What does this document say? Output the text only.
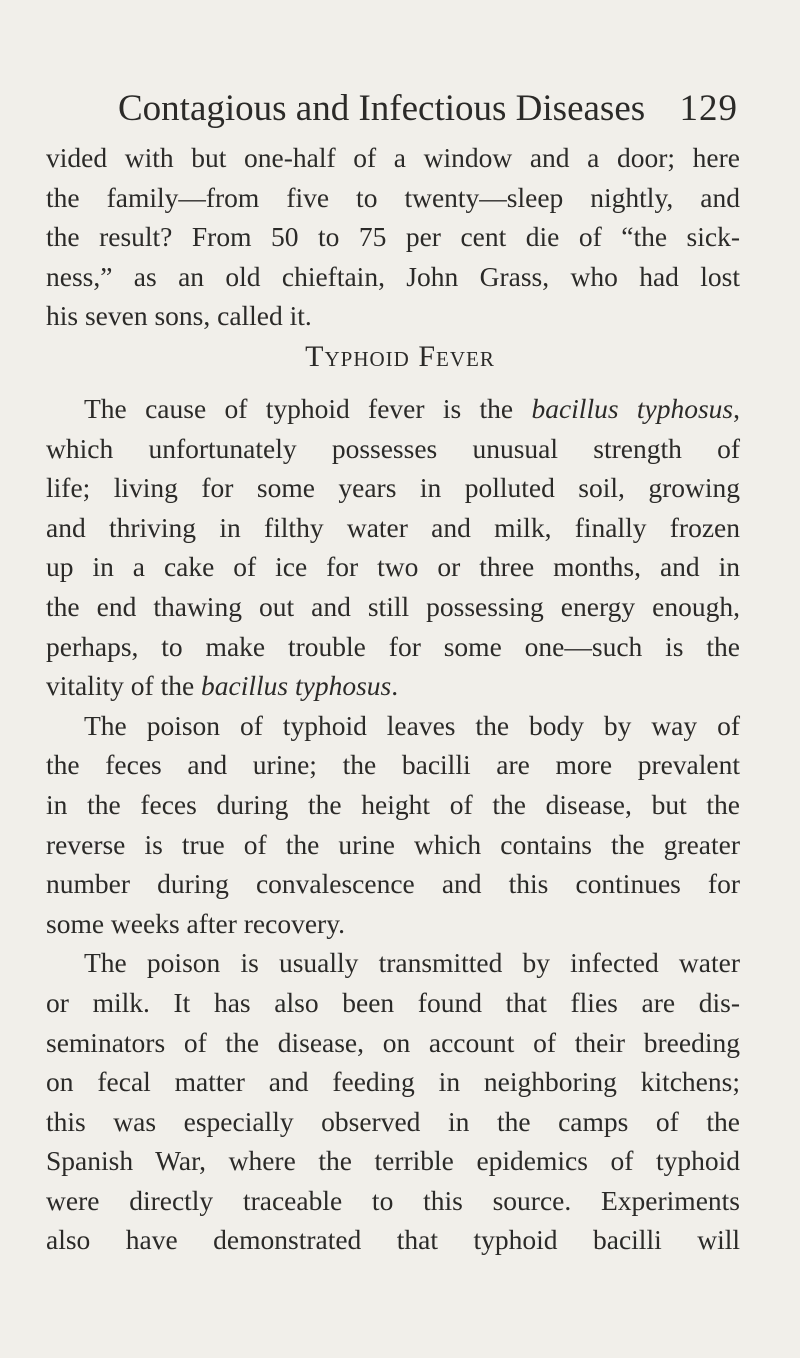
Contagious and Infectious Diseases 129
vided with but one-half of a window and a door; here
the family—from five to twenty—sleep nightly, and
the result? From 50 to 75 per cent die of “the sick-
ness,” as an old chieftain, John Grass, who had lost
his seven sons, called it.
Typhoid Fever
The cause of typhoid fever is the bacillus typhosus,
which unfortunately possesses unusual strength of
life; living for some years in polluted soil, growing
and thriving in filthy water and milk, finally frozen
up in a cake of ice for two or three months, and in
the end thawing out and still possessing energy enough,
perhaps, to make trouble for some one—such is the
vitality of the bacillus typhosus.
The poison of typhoid leaves the body by way of
the feces and urine; the bacilli are more prevalent
in the feces during the height of the disease, but the
reverse is true of the urine which contains the greater
number during convalescence and this continues for
some weeks after recovery.
The poison is usually transmitted by infected water
or milk. It has also been found that flies are dis-
seminators of the disease, on account of their breeding
on fecal matter and feeding in neighboring kitchens;
this was especially observed in the camps of the
Spanish War, where the terrible epidemics of typhoid
were directly traceable to this source. Experiments
also have demonstrated that typhoid bacilli will
